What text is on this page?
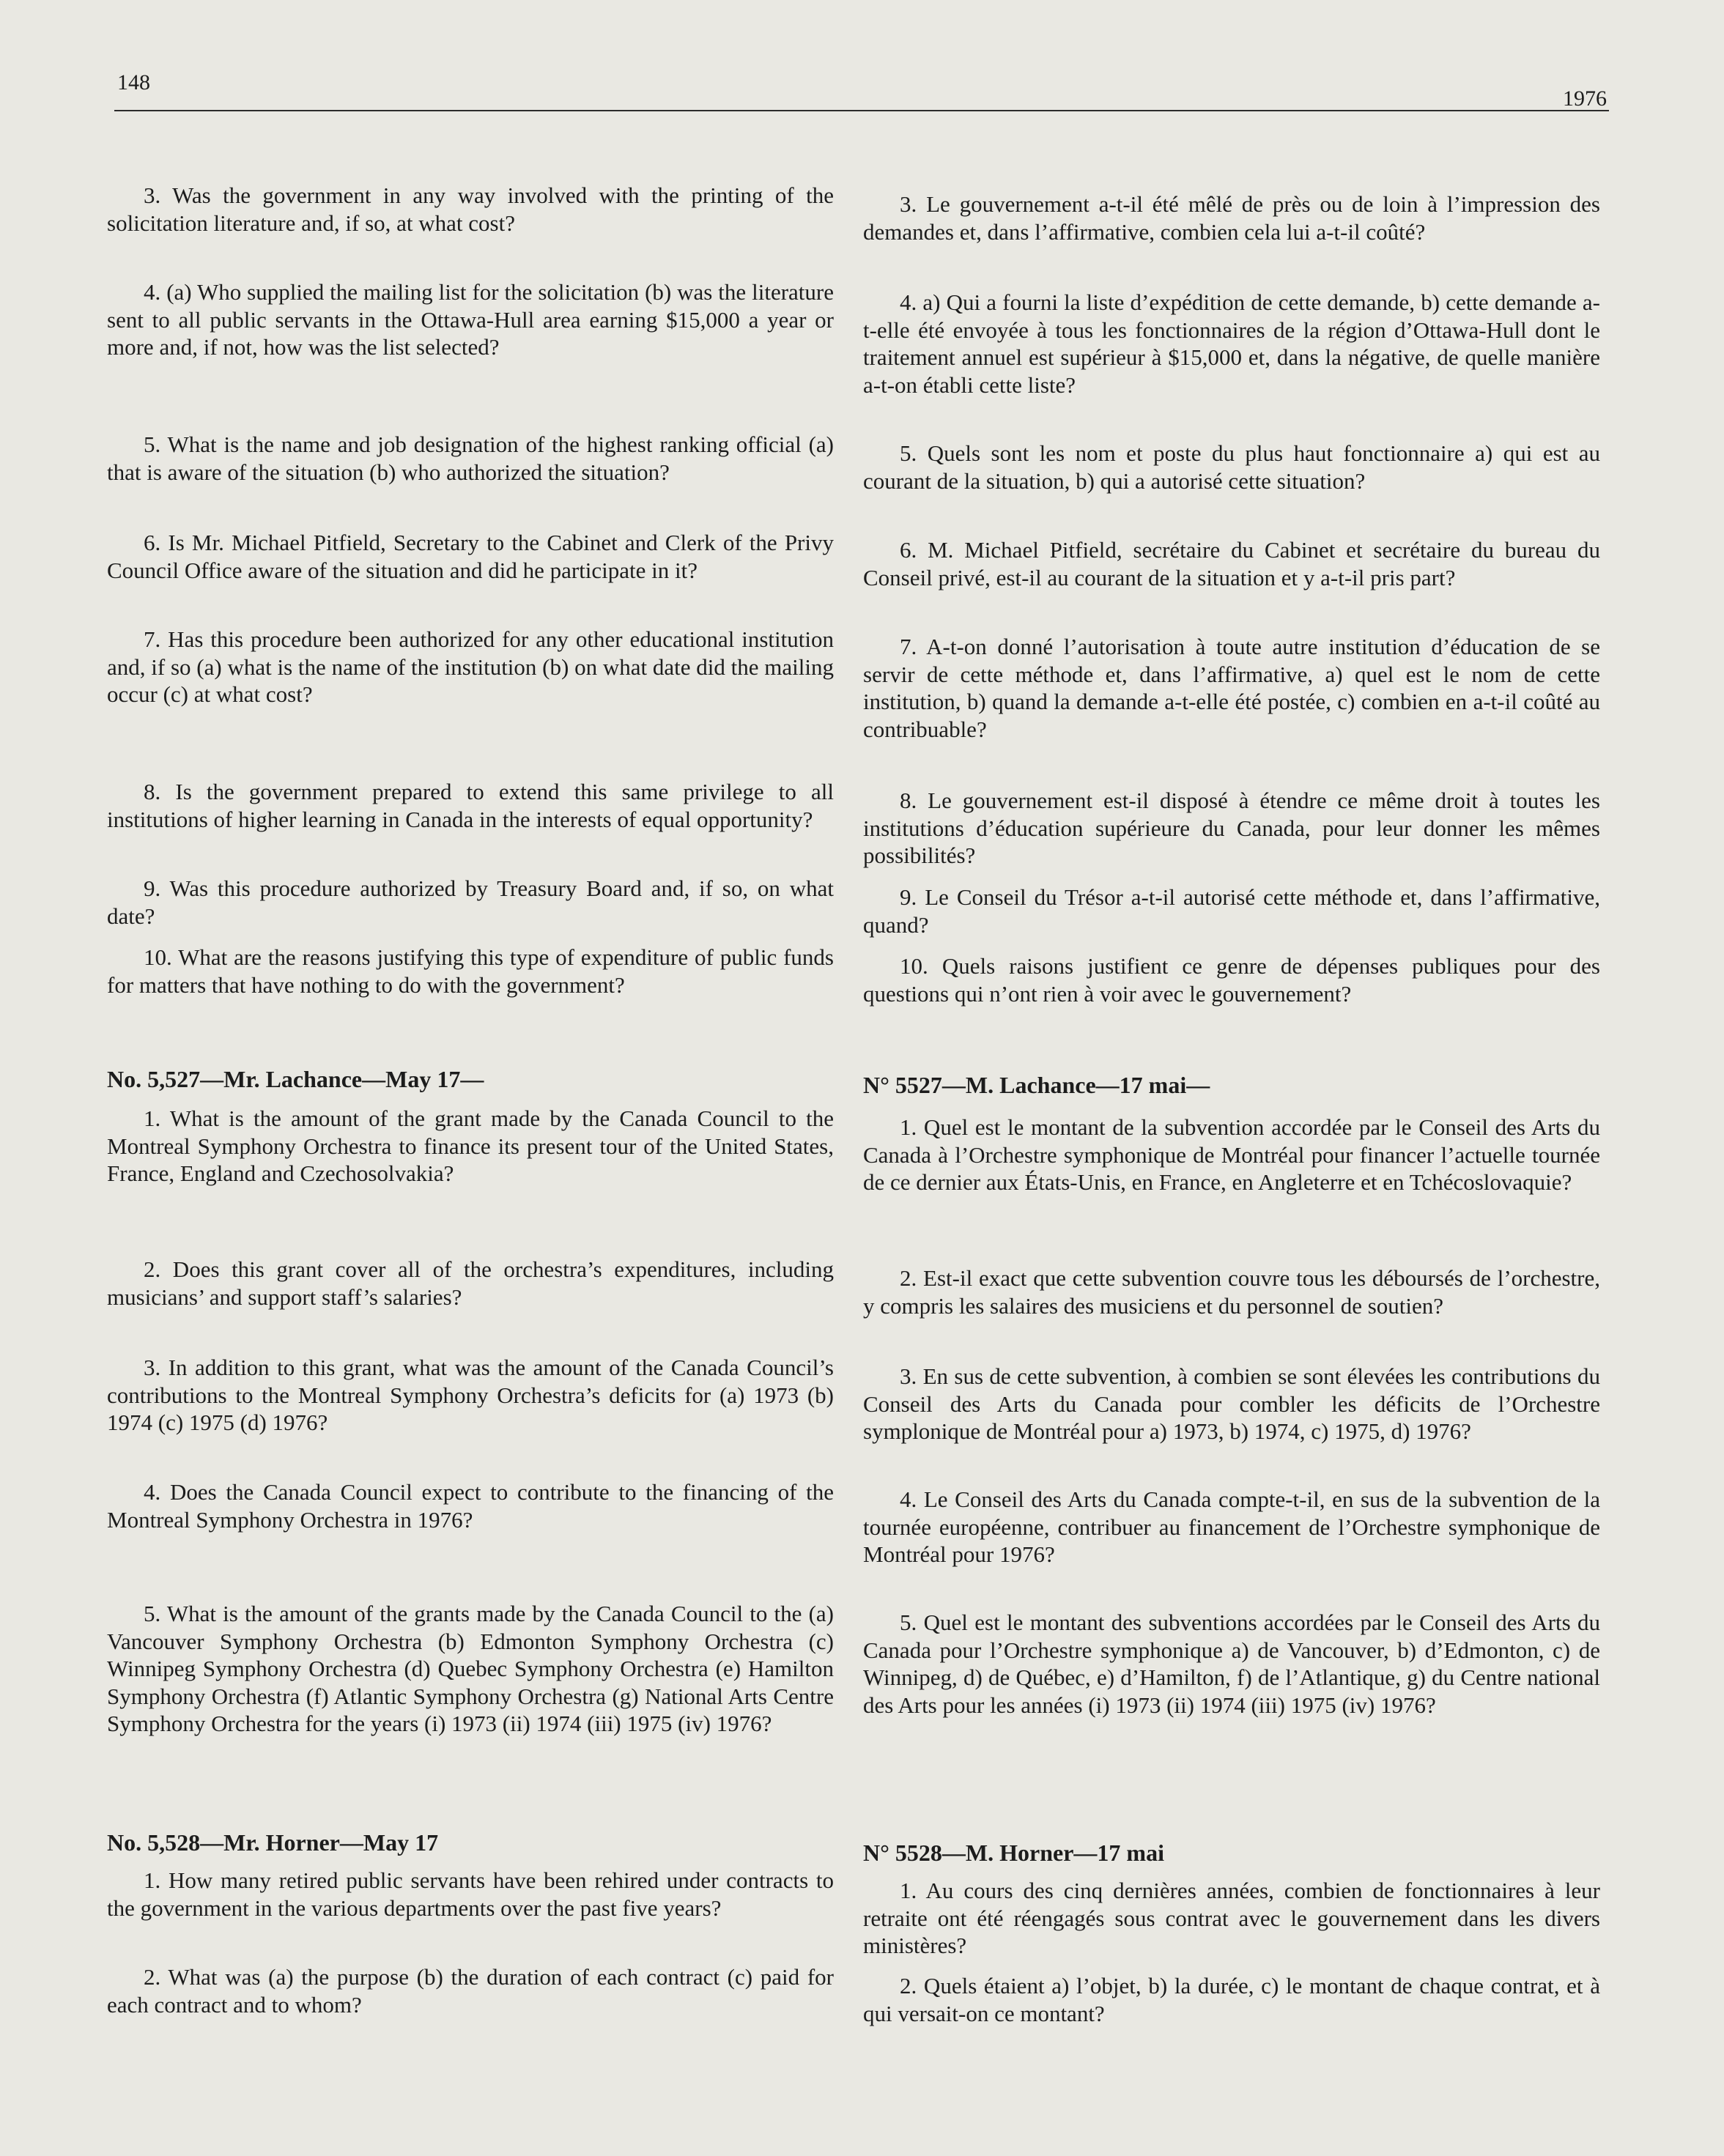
148
1976

3. Was the government in any way involved with the printing of the solicitation literature and, if so, at what cost?

4. (a) Who supplied the mailing list for the solicitation (b) was the literature sent to all public servants in the Ottawa-Hull area earning $15,000 a year or more and, if not, how was the list selected?

5. What is the name and job designation of the highest ranking official (a) that is aware of the situation (b) who authorized the situation?

6. Is Mr. Michael Pitfield, Secretary to the Cabinet and Clerk of the Privy Council Office aware of the situation and did he participate in it?

7. Has this procedure been authorized for any other educational institution and, if so (a) what is the name of the institution (b) on what date did the mailing occur (c) at what cost?

8. Is the government prepared to extend this same privilege to all institutions of higher learning in Canada in the interests of equal opportunity?

9. Was this procedure authorized by Treasury Board and, if so, on what date?

10. What are the reasons justifying this type of expenditure of public funds for matters that have nothing to do with the government?

No. 5,527—Mr. Lachance—May 17—

1. What is the amount of the grant made by the Canada Council to the Montreal Symphony Orchestra to finance its present tour of the United States, France, England and Czechosolvakia?

2. Does this grant cover all of the orchestra’s expenditures, including musicians’ and support staff’s salaries?

3. In addition to this grant, what was the amount of the Canada Council’s contributions to the Montreal Symphony Orchestra’s deficits for (a) 1973 (b) 1974 (c) 1975 (d) 1976?

4. Does the Canada Council expect to contribute to the financing of the Montreal Symphony Orchestra in 1976?

5. What is the amount of the grants made by the Canada Council to the (a) Vancouver Symphony Orchestra (b) Edmonton Symphony Orchestra (c) Winnipeg Symphony Orchestra (d) Quebec Symphony Orchestra (e) Hamilton Symphony Orchestra (f) Atlantic Symphony Orchestra (g) National Arts Centre Symphony Orchestra for the years (i) 1973 (ii) 1974 (iii) 1975 (iv) 1976?

No. 5,528—Mr. Horner—May 17

1. How many retired public servants have been rehired under contracts to the government in the various departments over the past five years?

2. What was (a) the purpose (b) the duration of each contract (c) paid for each contract and to whom?

3. Le gouvernement a-t-il été mêlé de près ou de loin à l’impression des demandes et, dans l’affirmative, combien cela lui a-t-il coûté?

4. a) Qui a fourni la liste d’expédition de cette demande, b) cette demande a-t-elle été envoyée à tous les fonctionnaires de la région d’Ottawa-Hull dont le traitement annuel est supérieur à $15,000 et, dans la négative, de quelle manière a-t-on établi cette liste?

5. Quels sont les nom et poste du plus haut fonctionnaire a) qui est au courant de la situation, b) qui a autorisé cette situation?

6. M. Michael Pitfield, secrétaire du Cabinet et secrétaire du bureau du Conseil privé, est-il au courant de la situation et y a-t-il pris part?

7. A-t-on donné l’autorisation à toute autre institution d’éducation de se servir de cette méthode et, dans l’affirmative, a) quel est le nom de cette institution, b) quand la demande a-t-elle été postée, c) combien en a-t-il coûté au contribuable?

8. Le gouvernement est-il disposé à étendre ce même droit à toutes les institutions d’éducation supérieure du Canada, pour leur donner les mêmes possibilités?

9. Le Conseil du Trésor a-t-il autorisé cette méthode et, dans l’affirmative, quand?

10. Quels raisons justifient ce genre de dépenses publiques pour des questions qui n’ont rien à voir avec le gouvernement?

N° 5527—M. Lachance—17 mai—

1. Quel est le montant de la subvention accordée par le Conseil des Arts du Canada à l’Orchestre symphonique de Montréal pour financer l’actuelle tournée de ce dernier aux États-Unis, en France, en Angleterre et en Tchécoslovaquie?

2. Est-il exact que cette subvention couvre tous les déboursés de l’orchestre, y compris les salaires des musiciens et du personnel de soutien?

3. En sus de cette subvention, à combien se sont élevées les contributions du Conseil des Arts du Canada pour combler les déficits de l’Orchestre symplonique de Montréal pour a) 1973, b) 1974, c) 1975, d) 1976?

4. Le Conseil des Arts du Canada compte-t-il, en sus de la subvention de la tournée européenne, contribuer au financement de l’Orchestre symphonique de Montréal pour 1976?

5. Quel est le montant des subventions accordées par le Conseil des Arts du Canada pour l’Orchestre symphonique a) de Vancouver, b) d’Edmonton, c) de Winnipeg, d) de Québec, e) d’Hamilton, f) de l’Atlantique, g) du Centre national des Arts pour les années (i) 1973 (ii) 1974 (iii) 1975 (iv) 1976?

N° 5528—M. Horner—17 mai

1. Au cours des cinq dernières années, combien de fonctionnaires à leur retraite ont été réengagés sous contrat avec le gouvernement dans les divers ministères?

2. Quels étaient a) l’objet, b) la durée, c) le montant de chaque contrat, et à qui versait-on ce montant?
